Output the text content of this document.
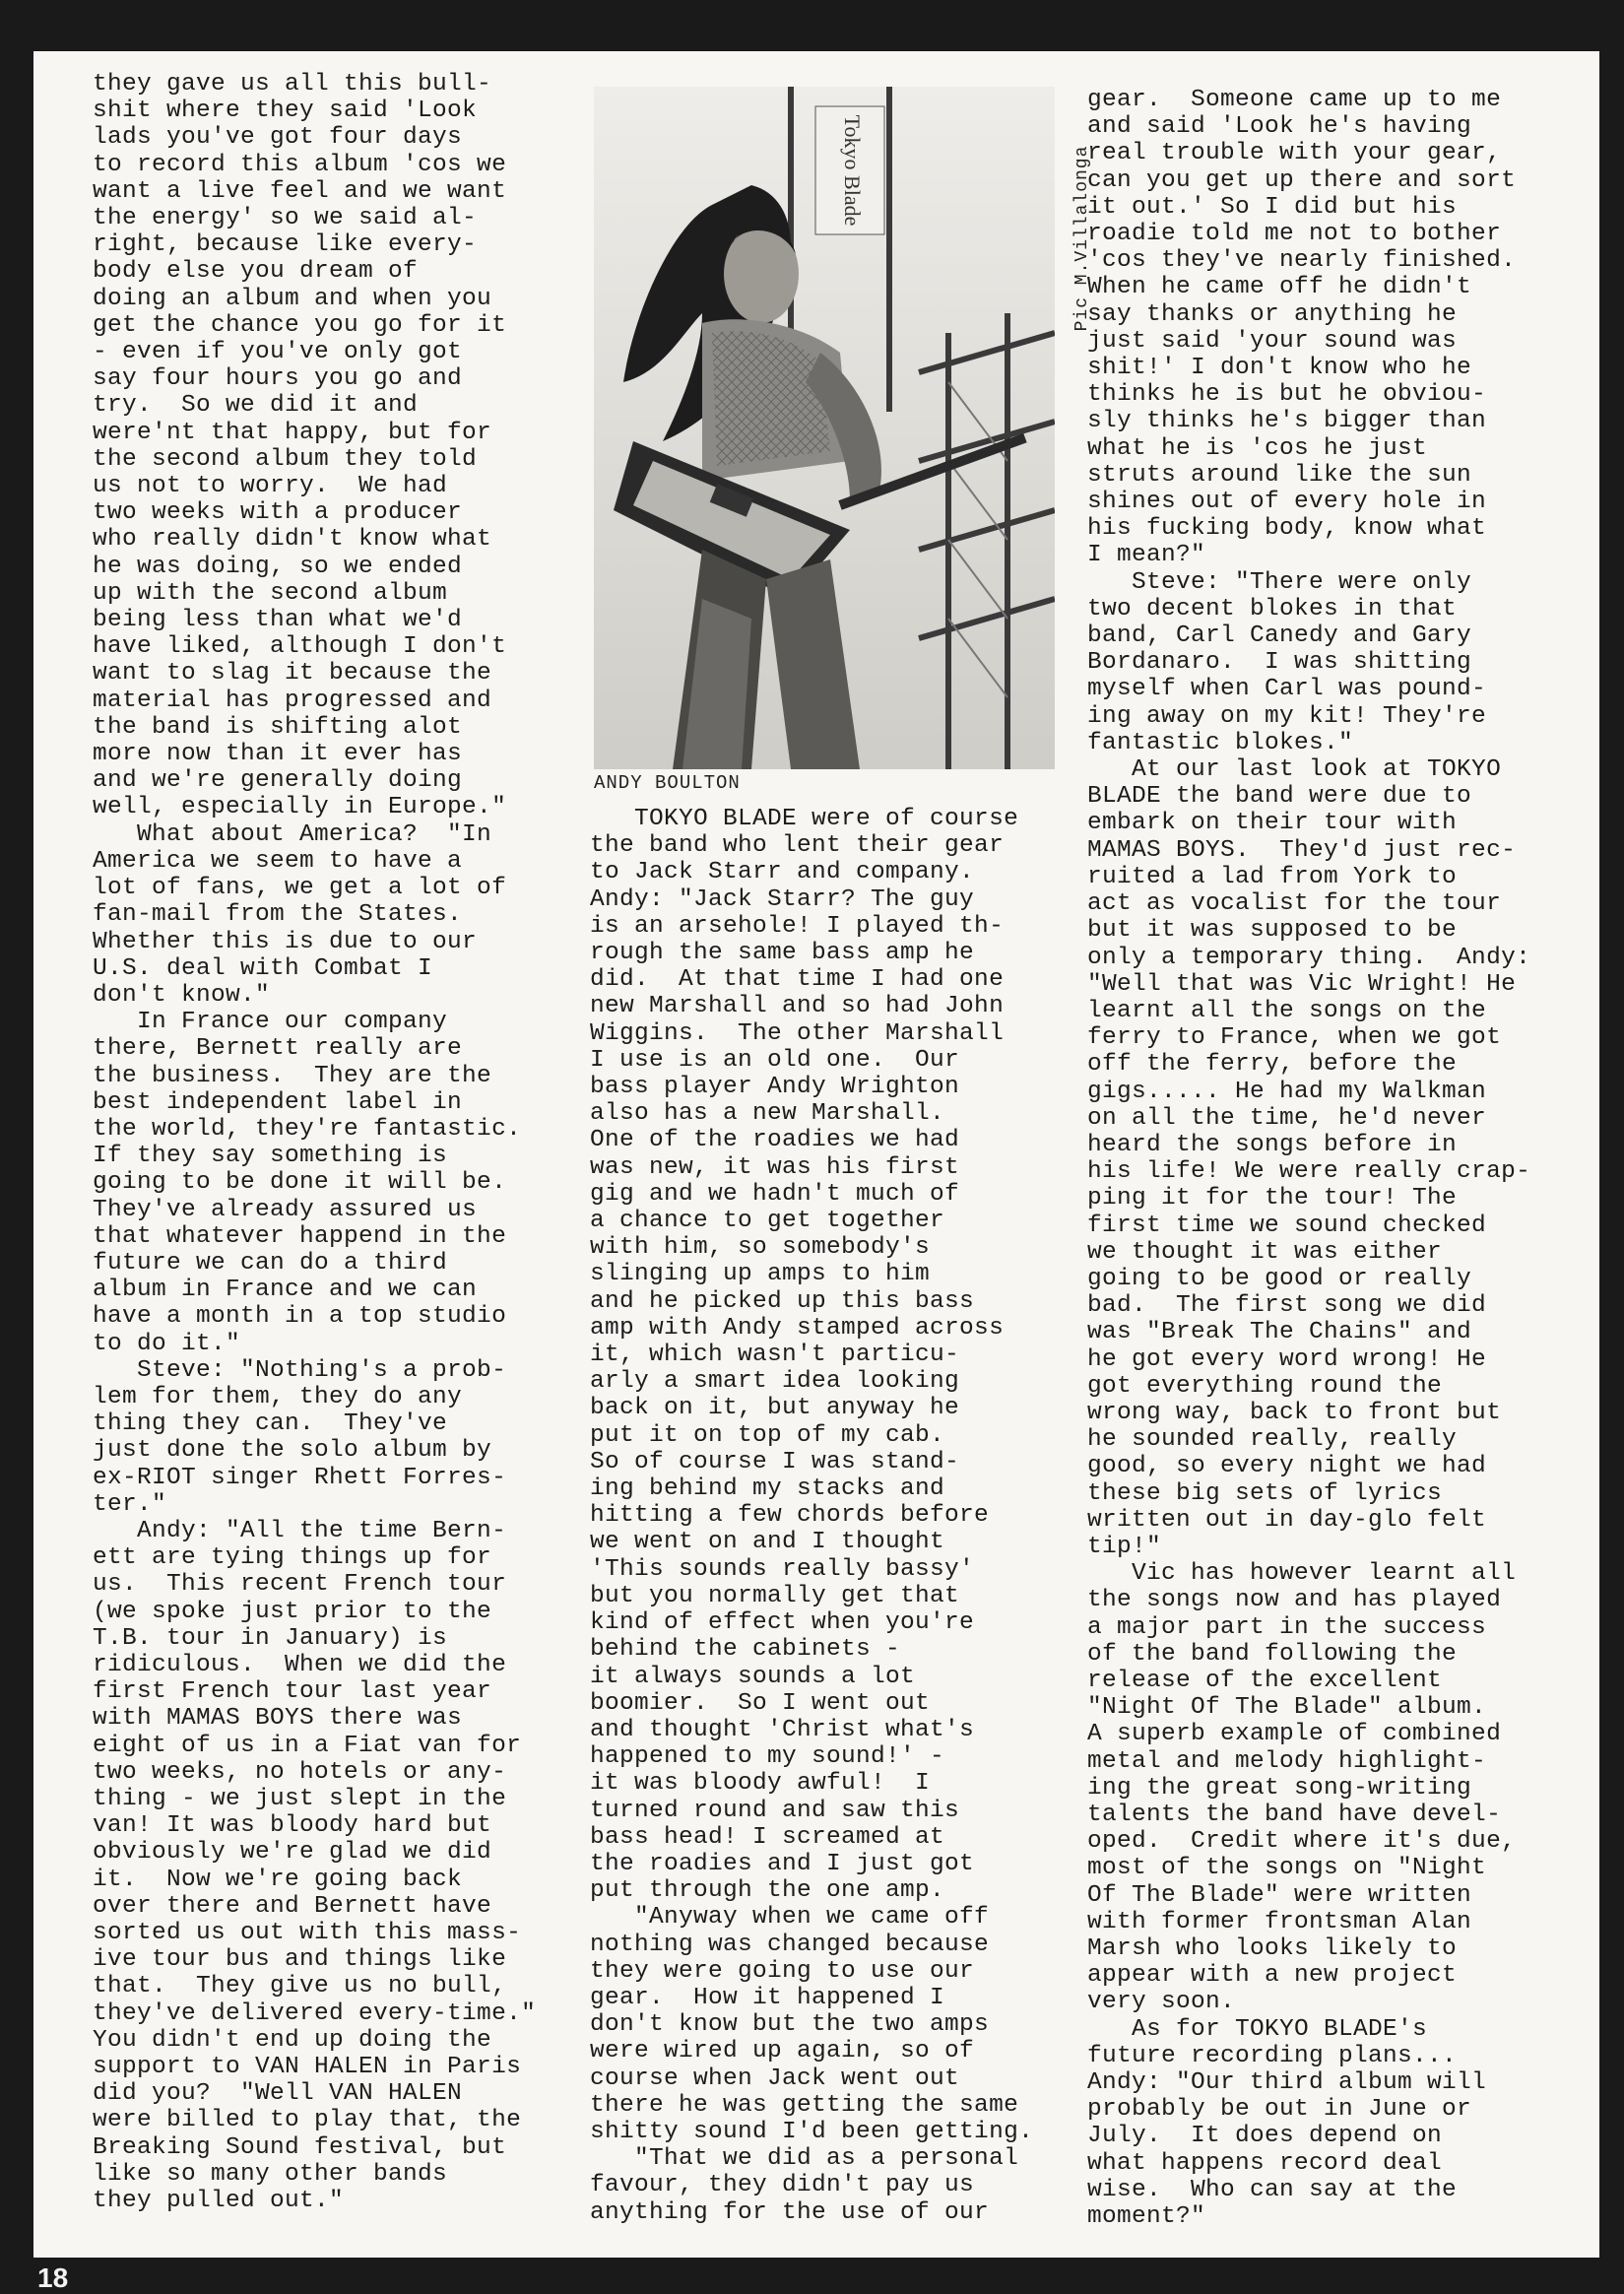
they gave us all this bull-
shit where they said 'Look
lads you've got four days
to record this album 'cos we
want a live feel and we want
the energy' so we said al-
right, because like every-
body else you dream of
doing an album and when you
get the chance you go for it
- even if you've only got
say four hours you go and
try.  So we did it and
were'nt that happy, but for
the second album they told
us not to worry.  We had
two weeks with a producer
who really didn't know what
he was doing, so we ended
up with the second album
being less than what we'd
have liked, although I don't
want to slag it because the
material has progressed and
the band is shifting alot
more now than it ever has
and we're generally doing
well, especially in Europe."
What about America?  "In
America we seem to have a
lot of fans, we get a lot of
fan-mail from the States.
Whether this is due to our
U.S. deal with Combat I
don't know."
In France our company
there, Bernett really are
the business.  They are the
best independent label in
the world, they're fantastic.
If they say something is
going to be done it will be.
They've already assured us
that whatever happend in the
future we can do a third
album in France and we can
have a month in a top studio
to do it."
Steve: "Nothing's a prob-
lem for them, they do any
thing they can.  They've
just done the solo album by
ex-RIOT singer Rhett Forres-
ter."
Andy: "All the time Bern-
ett are tying things up for
us.  This recent French tour
(we spoke just prior to the
T.B. tour in January) is
ridiculous.  When we did the
first French tour last year
with MAMAS BOYS there was
eight of us in a Fiat van for
two weeks, no hotels or any-
thing - we just slept in the
van! It was bloody hard but
obviously we're glad we did
it.  Now we're going back
over there and Bernett have
sorted us out with this mass-
ive tour bus and things like
that.  They give us no bull,
they've delivered every-time."
You didn't end up doing the
support to VAN HALEN in Paris
did you?  "Well VAN HALEN
were billed to play that, the
Breaking Sound festival, but
like so many other bands
they pulled out."
Tokyo Blade
ANDY BOULTON
Pic M.Villalonga
TOKYO BLADE were of course
the band who lent their gear
to Jack Starr and company.
Andy: "Jack Starr? The guy
is an arsehole! I played th-
rough the same bass amp he
did.  At that time I had one
new Marshall and so had John
Wiggins.  The other Marshall
I use is an old one.  Our
bass player Andy Wrighton
also has a new Marshall.
One of the roadies we had
was new, it was his first
gig and we hadn't much of
a chance to get together
with him, so somebody's
slinging up amps to him
and he picked up this bass
amp with Andy stamped across
it, which wasn't particu-
arly a smart idea looking
back on it, but anyway he
put it on top of my cab.
So of course I was stand-
ing behind my stacks and
hitting a few chords before
we went on and I thought
'This sounds really bassy'
but you normally get that
kind of effect when you're
behind the cabinets -
it always sounds a lot
boomier.  So I went out
and thought 'Christ what's
happened to my sound!' -
it was bloody awful!  I
turned round and saw this
bass head! I screamed at
the roadies and I just got
put through the one amp.
"Anyway when we came off
nothing was changed because
they were going to use our
gear.  How it happened I
don't know but the two amps
were wired up again, so of
course when Jack went out
there he was getting the same
shitty sound I'd been getting.
"That we did as a personal
favour, they didn't pay us
anything for the use of our
gear.  Someone came up to me
and said 'Look he's having
real trouble with your gear,
can you get up there and sort
it out.' So I did but his
roadie told me not to bother
'cos they've nearly finished.
When he came off he didn't
say thanks or anything he
just said 'your sound was
shit!' I don't know who he
thinks he is but he obviou-
sly thinks he's bigger than
what he is 'cos he just
struts around like the sun
shines out of every hole in
his fucking body, know what
I mean?"
Steve: "There were only
two decent blokes in that
band, Carl Canedy and Gary
Bordanaro.  I was shitting
myself when Carl was pound-
ing away on my kit! They're
fantastic blokes."
At our last look at TOKYO
BLADE the band were due to
embark on their tour with
MAMAS BOYS.  They'd just rec-
ruited a lad from York to
act as vocalist for the tour
but it was supposed to be
only a temporary thing.  Andy:
"Well that was Vic Wright! He
learnt all the songs on the
ferry to France, when we got
off the ferry, before the
gigs..... He had my Walkman
on all the time, he'd never
heard the songs before in
his life! We were really crap-
ping it for the tour! The
first time we sound checked
we thought it was either
going to be good or really
bad.  The first song we did
was "Break The Chains" and
he got every word wrong! He
got everything round the
wrong way, back to front but
he sounded really, really
good, so every night we had
these big sets of lyrics
written out in day-glo felt
tip!"
Vic has however learnt all
the songs now and has played
a major part in the success
of the band following the
release of the excellent
"Night Of The Blade" album.
A superb example of combined
metal and melody highlight-
ing the great song-writing
talents the band have devel-
oped.  Credit where it's due,
most of the songs on "Night
Of The Blade" were written
with former frontsman Alan
Marsh who looks likely to
appear with a new project
very soon.
As for TOKYO BLADE's
future recording plans...
Andy: "Our third album will
probably be out in June or
July.  It does depend on
what happens record deal
wise.  Who can say at the
moment?"
18
